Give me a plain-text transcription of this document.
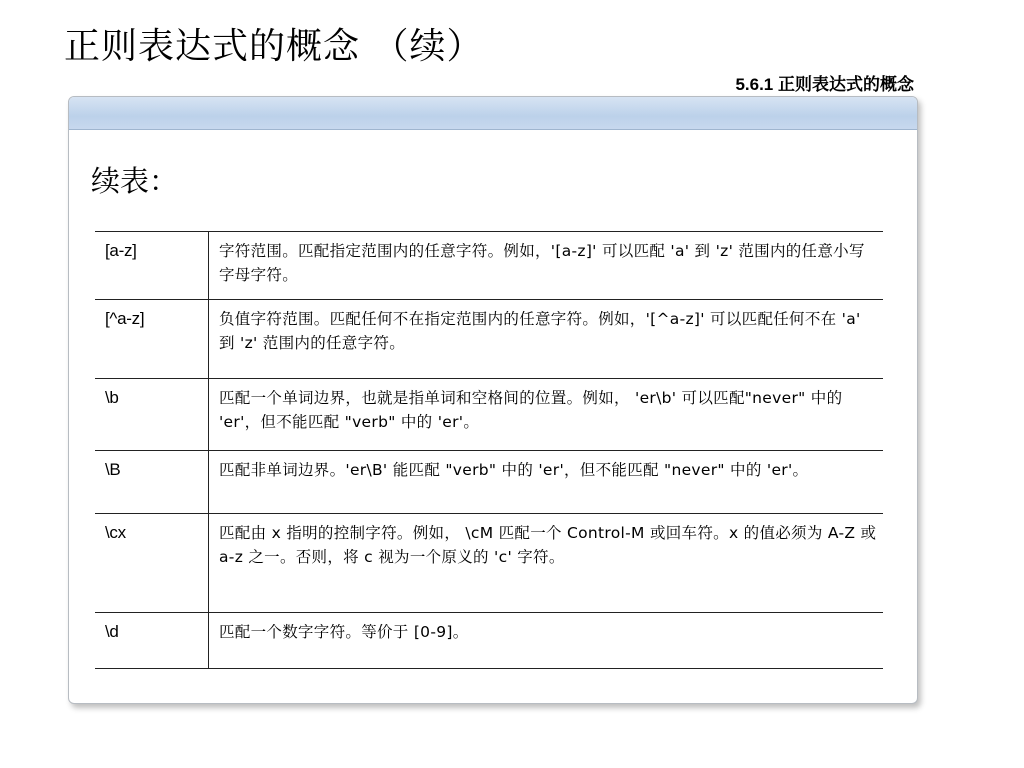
正则表达式的概念 （续）
5.6.1 正则表达式的概念
续表：
[a-z]	字符范围。匹配指定范围内的任意字符。例如，'[a-z]' 可以匹配 'a' 到 'z' 范围内的任意小写字母字符。
[^a-z]	负值字符范围。匹配任何不在指定范围内的任意字符。例如，'[^a-z]' 可以匹配任何不在 'a' 到 'z' 范围内的任意字符。
\b	匹配一个单词边界，也就是指单词和空格间的位置。例如， 'er\b' 可以匹配"never" 中的 'er'，但不能匹配 "verb" 中的 'er'。
\B	匹配非单词边界。'er\B' 能匹配 "verb" 中的 'er'，但不能匹配 "never" 中的 'er'。
\cx	匹配由 x 指明的控制字符。例如， \cM 匹配一个 Control-M 或回车符。x 的值必须为 A-Z 或 a-z 之一。否则，将 c 视为一个原义的 'c' 字符。
\d	匹配一个数字字符。等价于 [0-9]。
